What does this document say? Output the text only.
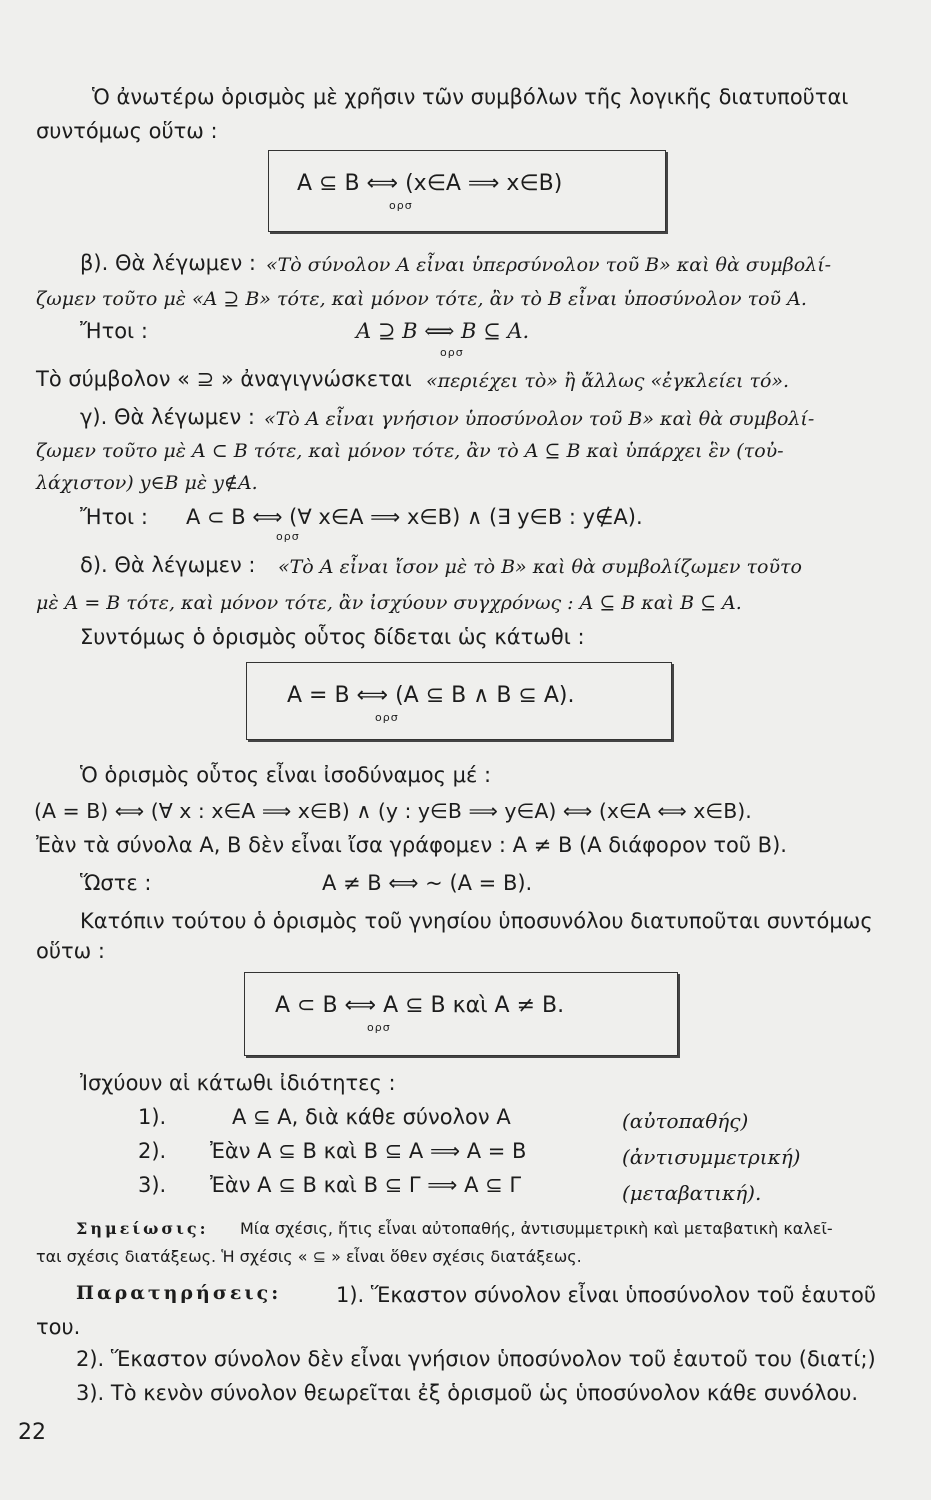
Ὁ ἀνωτέρω ὁρισμὸς μὲ χρῆσιν τῶν συμβόλων τῆς λογικῆς διατυποῦται
συντόμως οὕτω :
A ⊆ B ⟺ (x∈A ⟹ x∈B)
ορσ
β). Θὰ λέγωμεν : «Τὸ σύνολον Α εἶναι ὑπερσύνολον τοῦ Β» καὶ θὰ συμβολί-
ζωμεν τοῦτο μὲ «A ⊇ B» τότε, καὶ μόνον τότε, ἂν τὸ Β εἶναι ὑποσύνολον τοῦ Α.
Ἤτοι :	A ⊇ B ⟺ B ⊆ A.
ορσ
Τὸ σύμβολον « ⊇ » ἀναγιγνώσκεται «περιέχει τὸ» ἢ ἄλλως «ἐγκλείει τό».
γ). Θὰ λέγωμεν : «Τὸ Α εἶναι γνήσιον ὑποσύνολον τοῦ Β» καὶ θὰ συμβολί-
ζωμεν τοῦτο μὲ A ⊂ B τότε, καὶ μόνον τότε, ἂν τὸ A ⊆ B καὶ ὑπάρχει ἓν (τοὐ-
λάχιστον) y∈B μὲ y∉A.
Ἤτοι : A ⊂ B ⟺ (∀ x∈A ⟹ x∈B) ∧ (∃ y∈B : y∉A).
ορσ
δ). Θὰ λέγωμεν : «Τὸ Α εἶναι ἴσον μὲ τὸ Β» καὶ θὰ συμβολίζωμεν τοῦτο
μὲ A = B τότε, καὶ μόνον τότε, ἂν ἰσχύουν συγχρόνως : A ⊆ B καὶ B ⊆ A.
Συντόμως ὁ ὁρισμὸς οὗτος δίδεται ὡς κάτωθι :
A = B ⟺ (A ⊆ B ∧ B ⊆ A).
ορσ
Ὁ ὁρισμὸς οὗτος εἶναι ἰσοδύναμος μέ :
(A = B) ⟺ (∀ x : x∈A ⟹ x∈B) ∧ (y : y∈B ⟹ y∈A) ⟺ (x∈A ⟺ x∈B).
Ἐὰν τὰ σύνολα Α, Β δὲν εἶναι ἴσα γράφομεν : A ≠ B (A διάφορον τοῦ Β).
Ὥστε :	A ≠ B ⟺ ~ (A = B).
Κατόπιν τούτου ὁ ὁρισμὸς τοῦ γνησίου ὑποσυνόλου διατυποῦται συντόμως
οὕτω :
A ⊂ B ⟺ A ⊆ B καὶ A ≠ B.
ορσ
Ἰσχύουν αἱ κάτωθι ἰδιότητες :
1).	A ⊆ A, διὰ κάθε σύνολον Α	(αὐτοπαθής)
2). Ἐὰν A ⊆ B καὶ B ⊆ A ⟹ A = B	(ἀντισυμμετρική)
3). Ἐὰν A ⊆ B καὶ B ⊆ Γ ⟹ A ⊆ Γ	(μεταβατική).
Σημείωσις: Μία σχέσις, ἥτις εἶναι αὐτοπαθής, ἀντισυμμετρικὴ καὶ μεταβατικὴ καλεῖ-
ται σχέσις διατάξεως. Ἡ σχέσις « ⊆ » εἶναι ὅθεν σχέσις διατάξεως.
Παρατηρήσεις:	1). Ἕκαστον σύνολον εἶναι ὑποσύνολον τοῦ ἑαυτοῦ
του.
2). Ἕκαστον σύνολον δὲν εἶναι γνήσιον ὑποσύνολον τοῦ ἑαυτοῦ του (διατί;)
3). Τὸ κενὸν σύνολον θεωρεῖται ἐξ ὁρισμοῦ ὡς ὑποσύνολον κάθε συνόλου.
22
